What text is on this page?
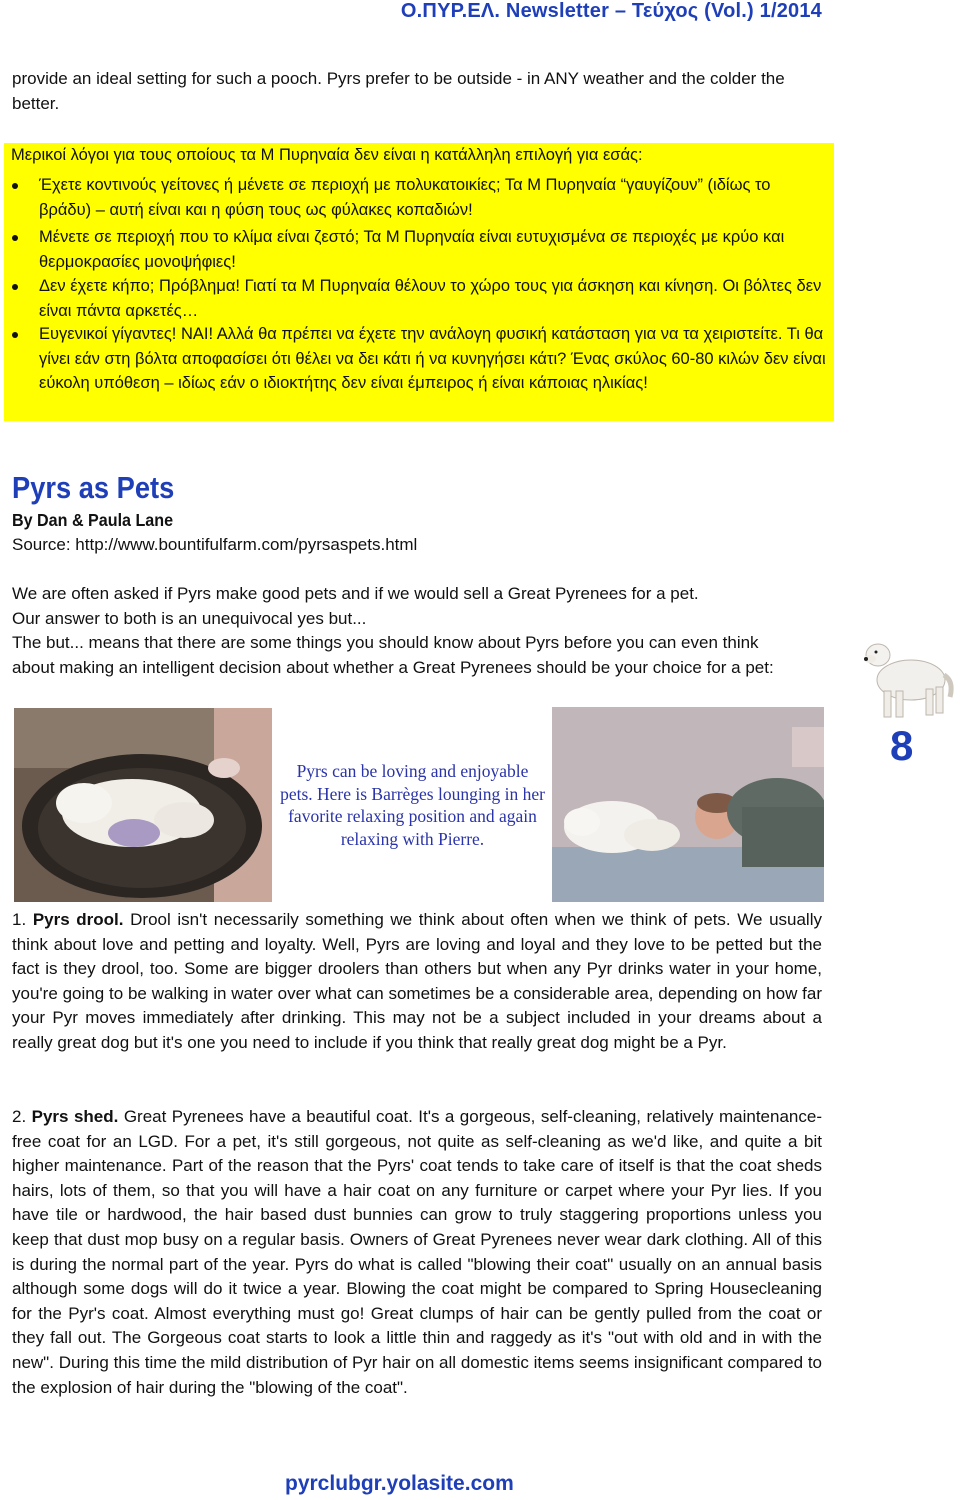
Ο.ΠΥΡ.ΕΛ. Newsletter – Τεύχος (Vol.) 1/2014
provide an ideal setting for such a pooch. Pyrs prefer to be outside - in ANY weather and the colder the better.
Μερικοί λόγοι για τους οποίους τα Μ Πυρηναία δεν είναι η κατάλληλη επιλογή για εσάς:
Έχετε κοντινούς γείτονες ή μένετε σε περιοχή με πολυκατοικίες; Τα Μ Πυρηναία “γαυγίζουν” (ιδίως το βράδυ) – αυτή είναι και η φύση τους ως φύλακες κοπαδιών!
Μένετε σε περιοχή που το κλίμα είναι ζεστό; Τα Μ Πυρηναία είναι ευτυχισμένα σε περιοχές με κρύο και θερμοκρασίες μονοψήφιες!
Δεν έχετε κήπο; Πρόβλημα! Γιατί τα Μ Πυρηναία θέλουν το χώρο τους για άσκηση και κίνηση. Οι βόλτες δεν είναι πάντα αρκετές…
Ευγενικοί γίγαντες! ΝΑΙ! Αλλά θα πρέπει να έχετε την ανάλογη φυσική κατάσταση για να τα χειριστείτε. Τι θα γίνει εάν στη βόλτα αποφασίσει ότι θέλει να δει κάτι ή να κυνηγήσει κάτι? Ένας σκύλος 60-80 κιλών δεν είναι εύκολη υπόθεση – ιδίως εάν ο ιδιοκτήτης δεν είναι έμπειρος ή είναι κάποιας ηλικίας!
Pyrs as Pets
By Dan & Paula Lane
Source: http://www.bountifulfarm.com/pyrsaspets.html
We are often asked if Pyrs make good pets and if we would sell a Great Pyrenees for a pet.
Our answer to both is an unequivocal yes but...
The but... means that there are some things you should know about Pyrs before you can even think
about making an intelligent decision about whether a Great Pyrenees should be your choice for a pet:
Pyrs can be loving and enjoyable pets. Here is Barrèges lounging in her favorite relaxing position and again relaxing with Pierre.
8
1. Pyrs drool. Drool isn't necessarily something we think about often when we think of pets. We usually think about love and petting and loyalty. Well, Pyrs are loving and loyal and they love to be petted but the fact is they drool, too. Some are bigger droolers than others but when any Pyr drinks water in your home, you're going to be walking in water over what can sometimes be a considerable area, depending on how far your Pyr moves immediately after drinking. This may not be a subject included in your dreams about a really great dog but it's one you need to include if you think that really great dog might be a Pyr.
2. Pyrs shed. Great Pyrenees have a beautiful coat. It's a gorgeous, self-cleaning, relatively maintenance-free coat for an LGD. For a pet, it's still gorgeous, not quite as self-cleaning as we'd like, and quite a bit higher maintenance. Part of the reason that the Pyrs' coat tends to take care of itself is that the coat sheds hairs, lots of them, so that you will have a hair coat on any furniture or carpet where your Pyr lies. If you have tile or hardwood, the hair based dust bunnies can grow to truly staggering proportions unless you keep that dust mop busy on a regular basis. Owners of Great Pyrenees never wear dark clothing. All of this is during the normal part of the year. Pyrs do what is called "blowing their coat" usually on an annual basis although some dogs will do it twice a year. Blowing the coat might be compared to Spring Housecleaning for the Pyr's coat. Almost everything must go! Great clumps of hair can be gently pulled from the coat or they fall out. The Gorgeous coat starts to look a little thin and raggedy as it's "out with old and in with the new". During this time the mild distribution of Pyr hair on all domestic items seems insignificant compared to the explosion of hair during the "blowing of the coat".
pyrclubgr.yolasite.com
